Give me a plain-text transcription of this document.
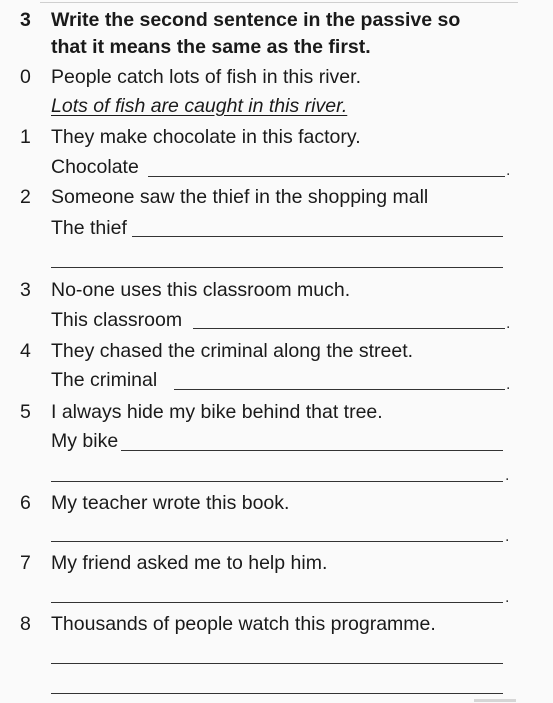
3 Write the second sentence in the passive so
that it means the same as the first.
0 People catch lots of fish in this river.
Lots of fish are caught in this river.
1 They make chocolate in this factory.
Chocolate	.
2 Someone saw the thief in the shopping mall
The thief
3 No-one uses this classroom much.
This classroom	.
4 They chased the criminal along the street.
The criminal	.
5 I always hide my bike behind that tree.
My bike
.
6 My teacher wrote this book.
.
7 My friend asked me to help him.
.
8 Thousands of people watch this programme.
